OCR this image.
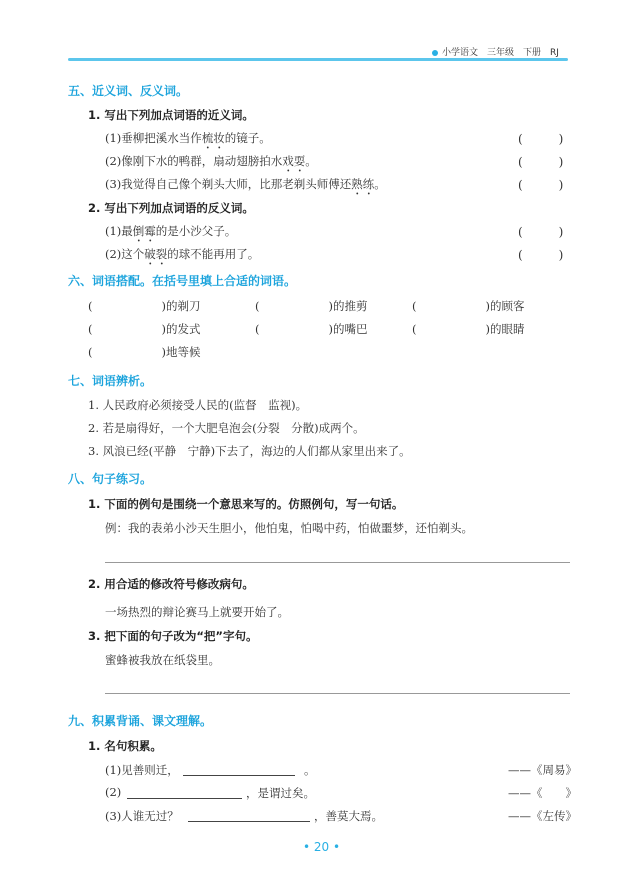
小学语文　三年级　下册　RJ
五、近义词、反义词。
1. 写出下列加点词语的近义词。
(1)垂柳把溪水当作梳妆的镜子。	(　　　)
(2)像刚下水的鸭群，扇动翅膀拍水戏耍。	(　　　)
(3)我觉得自己像个剃头大师，比那老剃头师傅还熟练。	(　　　)
2. 写出下列加点词语的反义词。
(1)最倒霉的是小沙父子。	(　　　)
(2)这个破裂的球不能再用了。	(　　　)
六、词语搭配。在括号里填上合适的词语。
(　　　　　　)的剃刀	(　　　　　　)的推剪	(　　　　　　)的顾客
(　　　　　　)的发式	(　　　　　　)的嘴巴	(　　　　　　)的眼睛
(　　　　　　)地等候
七、词语辨析。
1. 人民政府必须接受人民的(监督　监视)。
2. 若是扇得好，一个大肥皂泡会(分裂　分散)成两个。
3. 风浪已经(平静　宁静)下去了，海边的人们都从家里出来了。
八、句子练习。
1. 下面的例句是围绕一个意思来写的。仿照例句，写一句话。
例：我的表弟小沙天生胆小，他怕鬼，怕喝中药，怕做噩梦，还怕剃头。
2. 用合适的修改符号修改病句。
一场热烈的辩论赛马上就要开始了。
3. 把下面的句子改为“把”字句。
蜜蜂被我放在纸袋里。
九、积累背诵、课文理解。
1. 名句积累。
(1)见善则迁，	。	——《周易》
(2)	，是谓过矣。	——《　　》
(3)人谁无过？	，善莫大焉。	——《左传》
• 20 •
